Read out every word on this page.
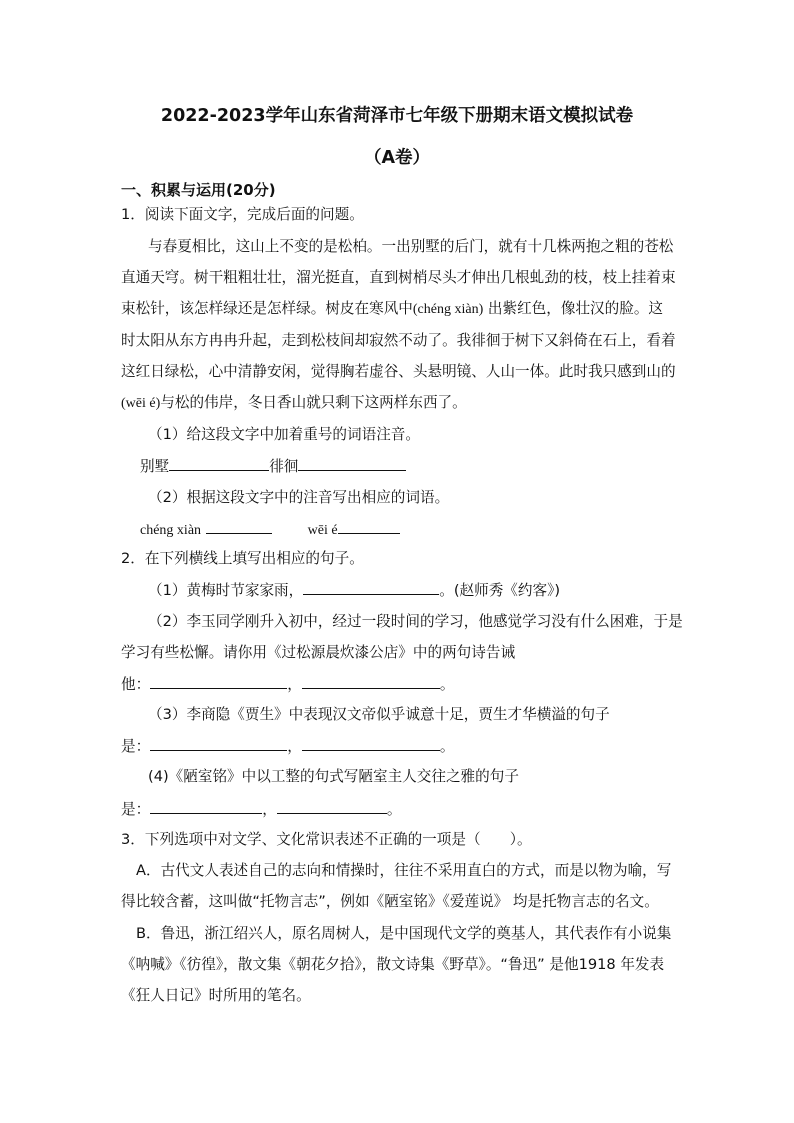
2022-2023学年山东省菏泽市七年级下册期末语文模拟试卷
（A卷）
一、积累与运用(20分)
1．阅读下面文字，完成后面的问题。
与春夏相比，这山上不变的是松柏。一出别墅的后门，就有十几株两抱之粗的苍松
直通天穹。树干粗粗壮壮，溜光挺直，直到树梢尽头才伸出几根虬劲的枝，枝上挂着束
束松针，该怎样绿还是怎样绿。树皮在寒风中(chéng xiàn) 出紫红色，像壮汉的脸。这
时太阳从东方冉冉升起，走到松枝间却寂然不动了。我徘徊于树下又斜倚在石上，看着
这红日绿松，心中清静安闲，觉得胸若虚谷、头悬明镜、人山一体。此时我只感到山的
(wēi é)与松的伟岸，冬日香山就只剩下这两样东西了。
（1）给这段文字中加着重号的词语注音。
别墅	徘徊
（2）根据这段文字中的注音写出相应的词语。
chéng xiàn	wēi é
2．在下列横线上填写出相应的句子。
（1）黄梅时节家家雨，	。(赵师秀《约客》)
（2）李玉同学刚升入初中，经过一段时间的学习，他感觉学习没有什么困难，于是
学习有些松懈。请你用《过松源晨炊漆公店》中的两句诗告诫
他：	，	。
（3）李商隐《贾生》中表现汉文帝似乎诚意十足，贾生才华横溢的句子
是：	，	。
(4)《陋室铭》中以工整的句式写陋室主人交往之雅的句子
是：	，	。
3．下列选项中对文学、文化常识表述不正确的一项是（　　）。
A．古代文人表述自己的志向和情操时，往往不采用直白的方式，而是以物为喻，写
得比较含蓄，这叫做“托物言志”，例如《陋室铭》《爱莲说》 均是托物言志的名文。
B．鲁迅，浙江绍兴人，原名周树人，是中国现代文学的奠基人，其代表作有小说集
《呐喊》《彷徨》，散文集《朝花夕拾》，散文诗集《野草》。“鲁迅” 是他1918 年发表
《狂人日记》时所用的笔名。
